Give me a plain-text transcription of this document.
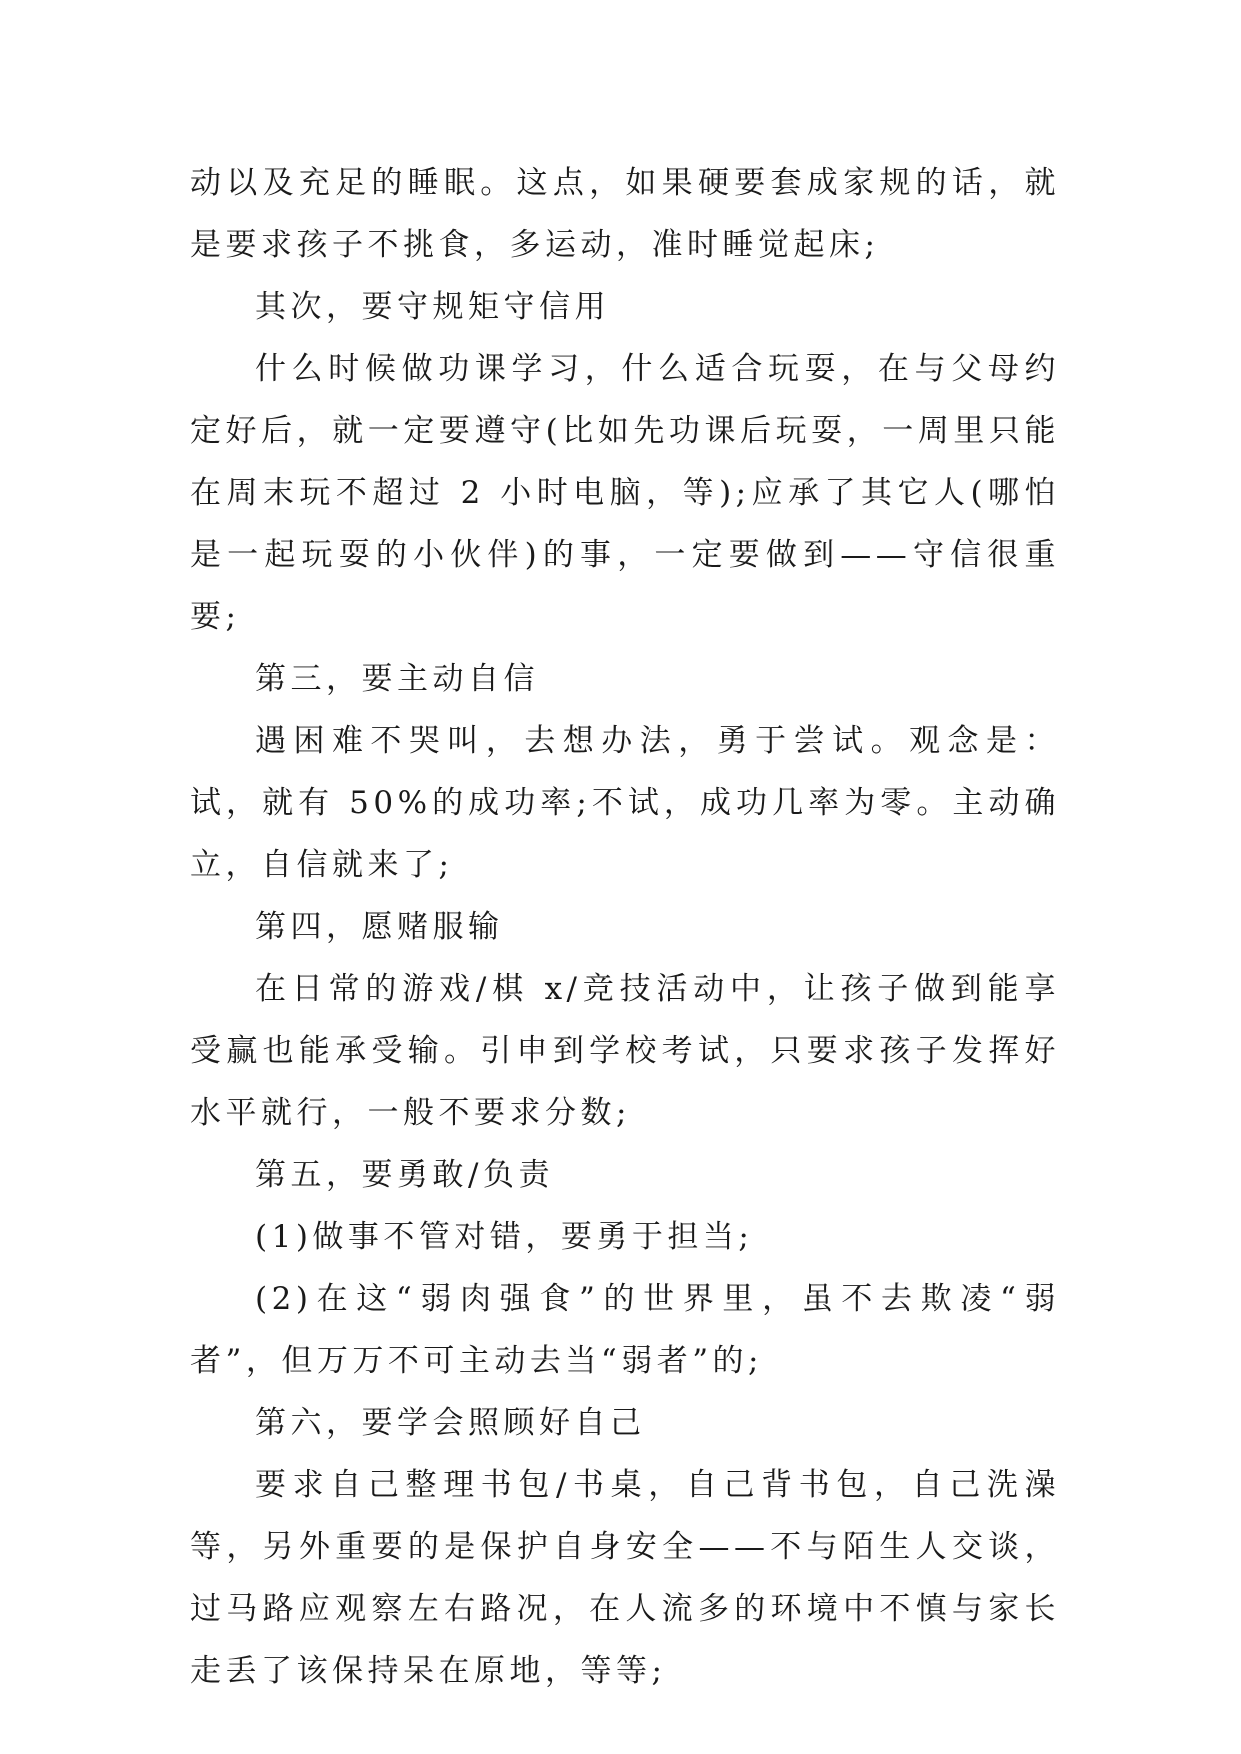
动以及充足的睡眠。这点，如果硬要套成家规的话，就是要求孩子不挑食，多运动，准时睡觉起床;

其次，要守规矩守信用

什么时候做功课学习，什么适合玩耍，在与父母约定好后，就一定要遵守(比如先功课后玩耍，一周里只能在周末玩不超过 2 小时电脑，等);应承了其它人(哪怕是一起玩耍的小伙伴)的事，一定要做到——守信很重要;

第三，要主动自信

遇困难不哭叫，去想办法，勇于尝试。观念是：试，就有 50%的成功率;不试，成功几率为零。主动确立，自信就来了;

第四，愿赌服输

在日常的游戏/棋 x/竞技活动中，让孩子做到能享受赢也能承受输。引申到学校考试，只要求孩子发挥好水平就行，一般不要求分数;

第五，要勇敢/负责

(1)做事不管对错，要勇于担当;

(2)在这“弱肉强食”的世界里，虽不去欺凌“弱者”，但万万不可主动去当“弱者”的;

第六，要学会照顾好自己

要求自己整理书包/书桌，自己背书包，自己洗澡等，另外重要的是保护自身安全——不与陌生人交谈，过马路应观察左右路况，在人流多的环境中不慎与家长走丢了该保持呆在原地，等等;
